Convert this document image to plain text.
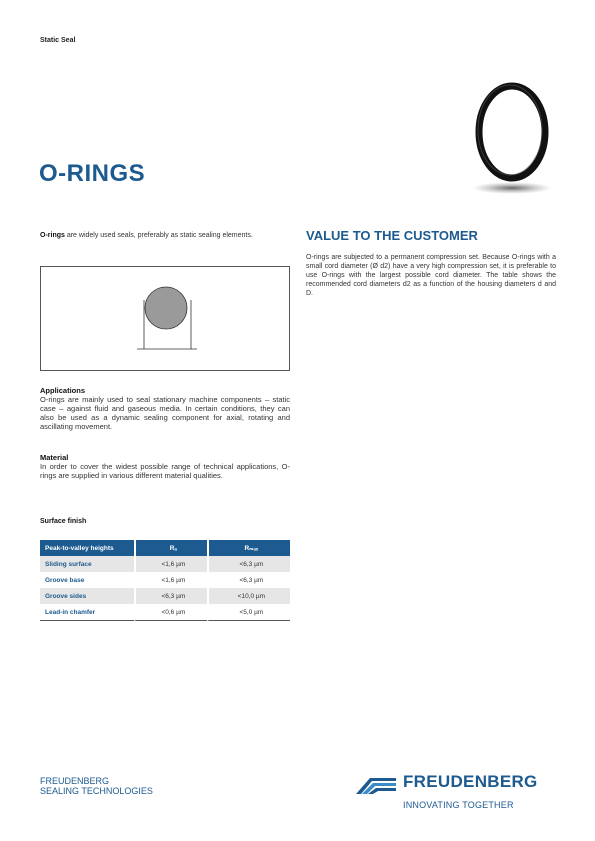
Static Seal
O-RINGS
O-rings are widely used seals, preferably as static sealing elements.
Applications
O-rings are mainly used to seal stationary machine components – static case – against fluid and gaseous media. In certain conditions, they can also be used as a dynamic sealing component for axial, rotating and ascillating movement.
Material
In order to cover the widest possible range of technical applications, O-rings are supplied in various different material qualities.
Surface finish
Peak-to-valley heights	Rₐ	Rₘₐₓ
Sliding surface	<1,6 µm	<6,3 µm
Groove base	<1,6 µm	<6,3 µm
Groove sides	<6,3 µm	<10,0 µm
Lead-in chamfer	<0,6 µm	<5,0 µm
VALUE TO THE CUSTOMER
O-rings are subjected to a permanent compression set. Because O-rings with a small cord diameter (Ø d2) have a very high compression set, it is preferable to use O-rings with the largest possible cord diameter. The table shows the recommended cord diameters d2 as a function of the housing diameters d and D.
FREUDENBERG
SEALING TECHNOLOGIES	FREUDENBERG
INNOVATING TOGETHER
